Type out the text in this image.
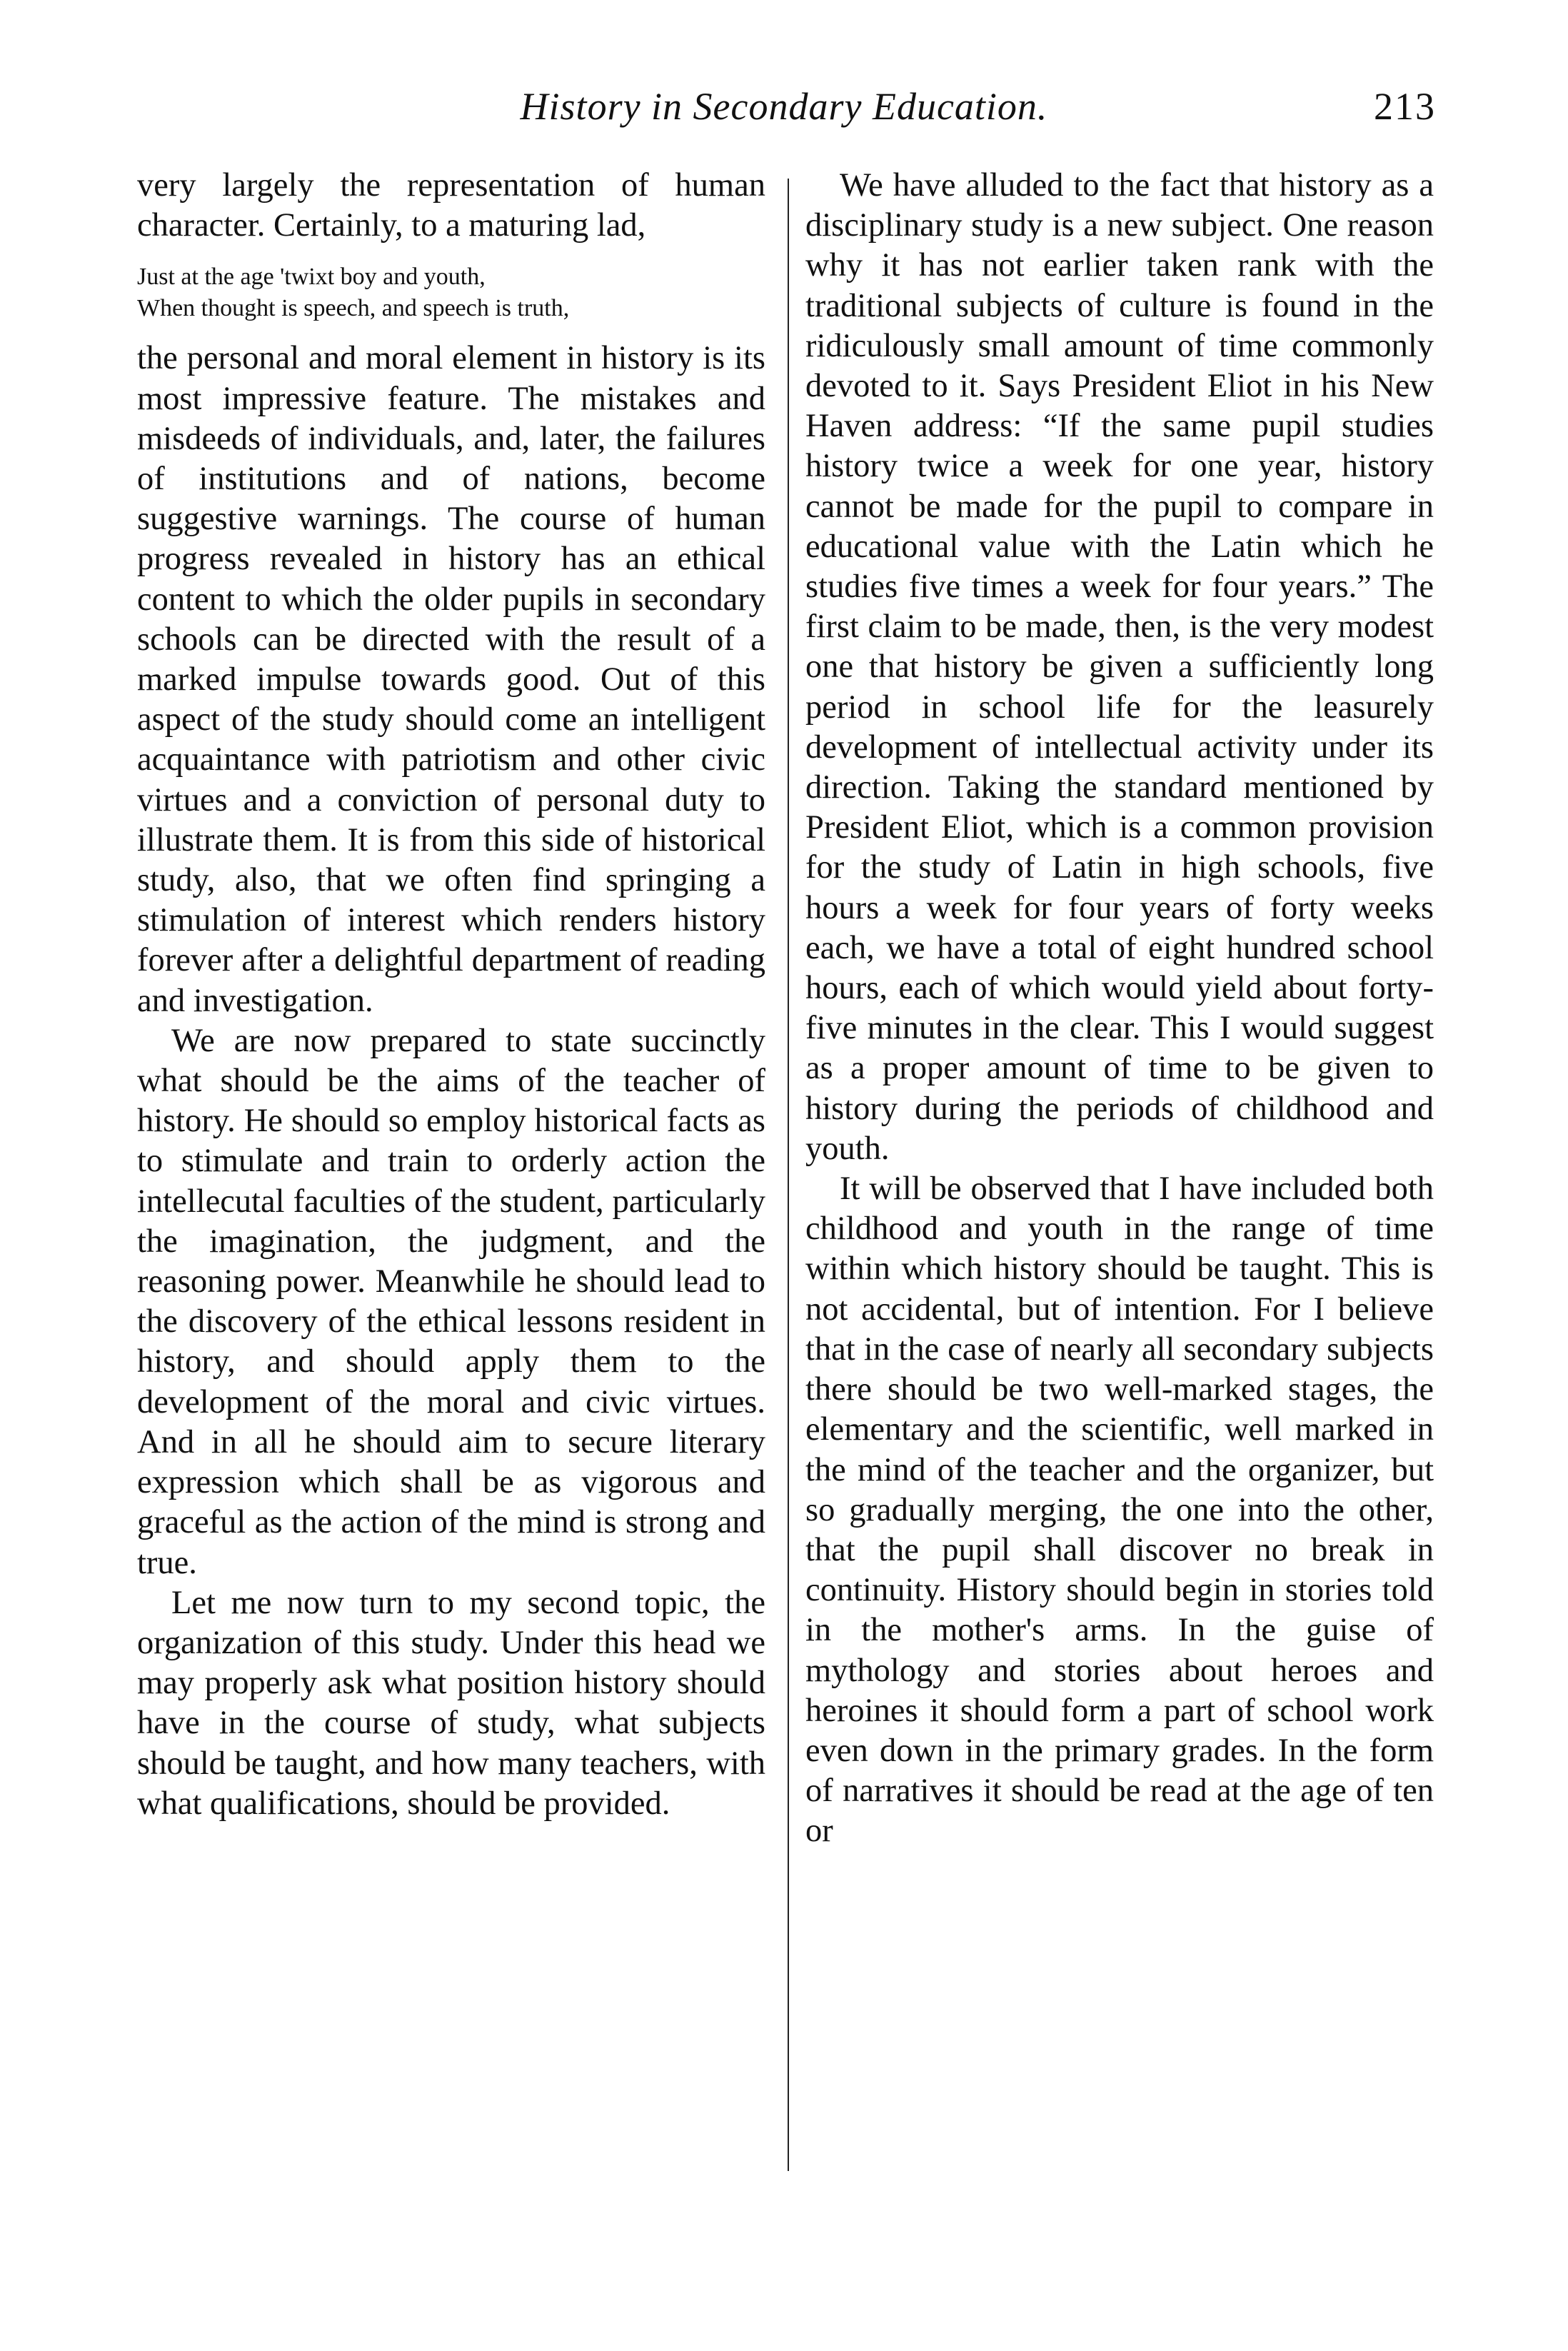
History in Secondary Education.	213

very largely the representation of human character. Certainly, to a maturing lad,

Just at the age 'twixt boy and youth,
When thought is speech, and speech is truth,

the personal and moral element in history is its most impressive feature. The mistakes and misdeeds of individuals, and, later, the failures of institutions and of nations, become suggestive warnings. The course of human progress revealed in history has an ethical content to which the older pupils in secondary schools can be directed with the result of a marked impulse towards good. Out of this aspect of the study should come an intelligent acquaintance with patriotism and other civic virtues and a conviction of personal duty to illustrate them. It is from this side of historical study, also, that we often find springing a stimulation of interest which renders history forever after a delightful department of reading and investigation.

We are now prepared to state succinctly what should be the aims of the teacher of history. He should so employ historical facts as to stimulate and train to orderly action the intellecutal faculties of the student, particularly the imagination, the judgment, and the reasoning power. Meanwhile he should lead to the discovery of the ethical lessons resident in history, and should apply them to the development of the moral and civic virtues. And in all he should aim to secure literary expression which shall be as vigorous and graceful as the action of the mind is strong and true.

Let me now turn to my second topic, the organization of this study. Under this head we may properly ask what position history should have in the course of study, what subjects should be taught, and how many teachers, with what qualifications, should be provided.

We have alluded to the fact that history as a disciplinary study is a new subject. One reason why it has not earlier taken rank with the traditional subjects of culture is found in the ridiculously small amount of time commonly devoted to it. Says President Eliot in his New Haven address: “If the same pupil studies history twice a week for one year, history cannot be made for the pupil to compare in educational value with the Latin which he studies five times a week for four years.” The first claim to be made, then, is the very modest one that history be given a sufficiently long period in school life for the leasurely development of intellectual activity under its direction. Taking the standard mentioned by President Eliot, which is a common provision for the study of Latin in high schools, five hours a week for four years of forty weeks each, we have a total of eight hundred school hours, each of which would yield about forty-five minutes in the clear. This I would suggest as a proper amount of time to be given to history during the periods of childhood and youth.

It will be observed that I have included both childhood and youth in the range of time within which history should be taught. This is not accidental, but of intention. For I believe that in the case of nearly all secondary subjects there should be two well-marked stages, the elementary and the scientific, well marked in the mind of the teacher and the organizer, but so gradually merging, the one into the other, that the pupil shall discover no break in continuity. History should begin in stories told in the mother's arms. In the guise of mythology and stories about heroes and heroines it should form a part of school work even down in the primary grades. In the form of narratives it should be read at the age of ten or
